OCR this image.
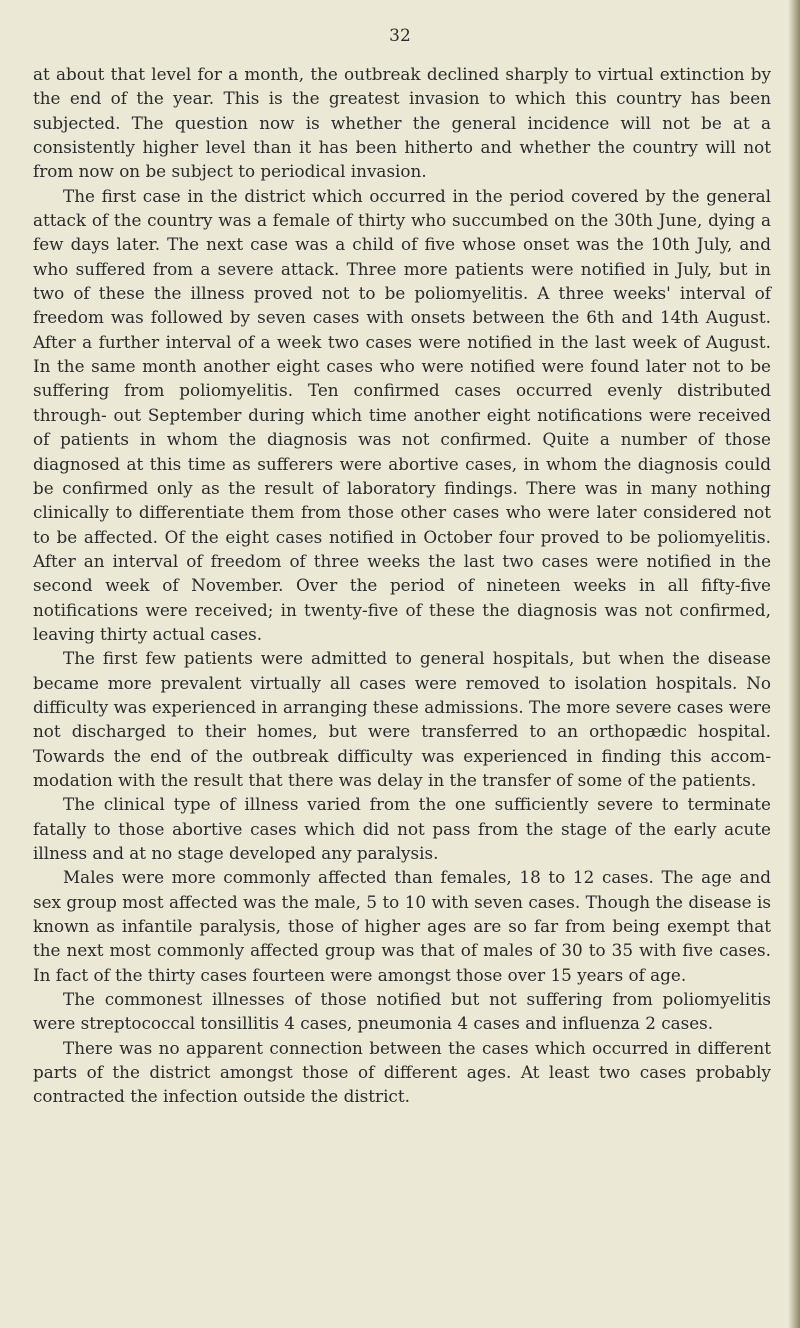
32

at about that level for a month, the outbreak declined sharply to virtual extinction by the end of the year. This is the greatest invasion to which this country has been subjected. The question now is whether the general incidence will not be at a consistently higher level than it has been hitherto and whether the country will not from now on be subject to periodical invasion.

The first case in the district which occurred in the period covered by the general attack of the country was a female of thirty who succumbed on the 30th June, dying a few days later. The next case was a child of five whose onset was the 10th July, and who suffered from a severe attack. Three more patients were notified in July, but in two of these the illness proved not to be poliomyelitis. A three weeks' interval of freedom was followed by seven cases with onsets between the 6th and 14th August. After a further interval of a week two cases were notified in the last week of August. In the same month another eight cases who were notified were found later not to be suffering from poliomyelitis. Ten confirmed cases occurred evenly distributed through- out September during which time another eight notifications were received of patients in whom the diagnosis was not confirmed. Quite a number of those diagnosed at this time as sufferers were abortive cases, in whom the diagnosis could be confirmed only as the result of laboratory findings. There was in many nothing clinically to differentiate them from those other cases who were later considered not to be affected. Of the eight cases notified in October four proved to be poliomyelitis. After an interval of freedom of three weeks the last two cases were notified in the second week of November. Over the period of nineteen weeks in all fifty-five notifications were received; in twenty-five of these the diagnosis was not confirmed, leaving thirty actual cases.

The first few patients were admitted to general hospitals, but when the disease became more prevalent virtually all cases were removed to isolation hospitals. No difficulty was experienced in arranging these admissions. The more severe cases were not discharged to their homes, but were transferred to an orthopædic hospital. Towards the end of the outbreak difficulty was experienced in finding this accom- modation with the result that there was delay in the transfer of some of the patients.

The clinical type of illness varied from the one sufficiently severe to terminate fatally to those abortive cases which did not pass from the stage of the early acute illness and at no stage developed any paralysis.

Males were more commonly affected than females, 18 to 12 cases. The age and sex group most affected was the male, 5 to 10 with seven cases. Though the disease is known as infantile paralysis, those of higher ages are so far from being exempt that the next most commonly affected group was that of males of 30 to 35 with five cases. In fact of the thirty cases fourteen were amongst those over 15 years of age.

The commonest illnesses of those notified but not suffering from poliomyelitis were streptococcal tonsillitis 4 cases, pneumonia 4 cases and influenza 2 cases.

There was no apparent connection between the cases which occurred in different parts of the district amongst those of different ages. At least two cases probably contracted the infection outside the district.
